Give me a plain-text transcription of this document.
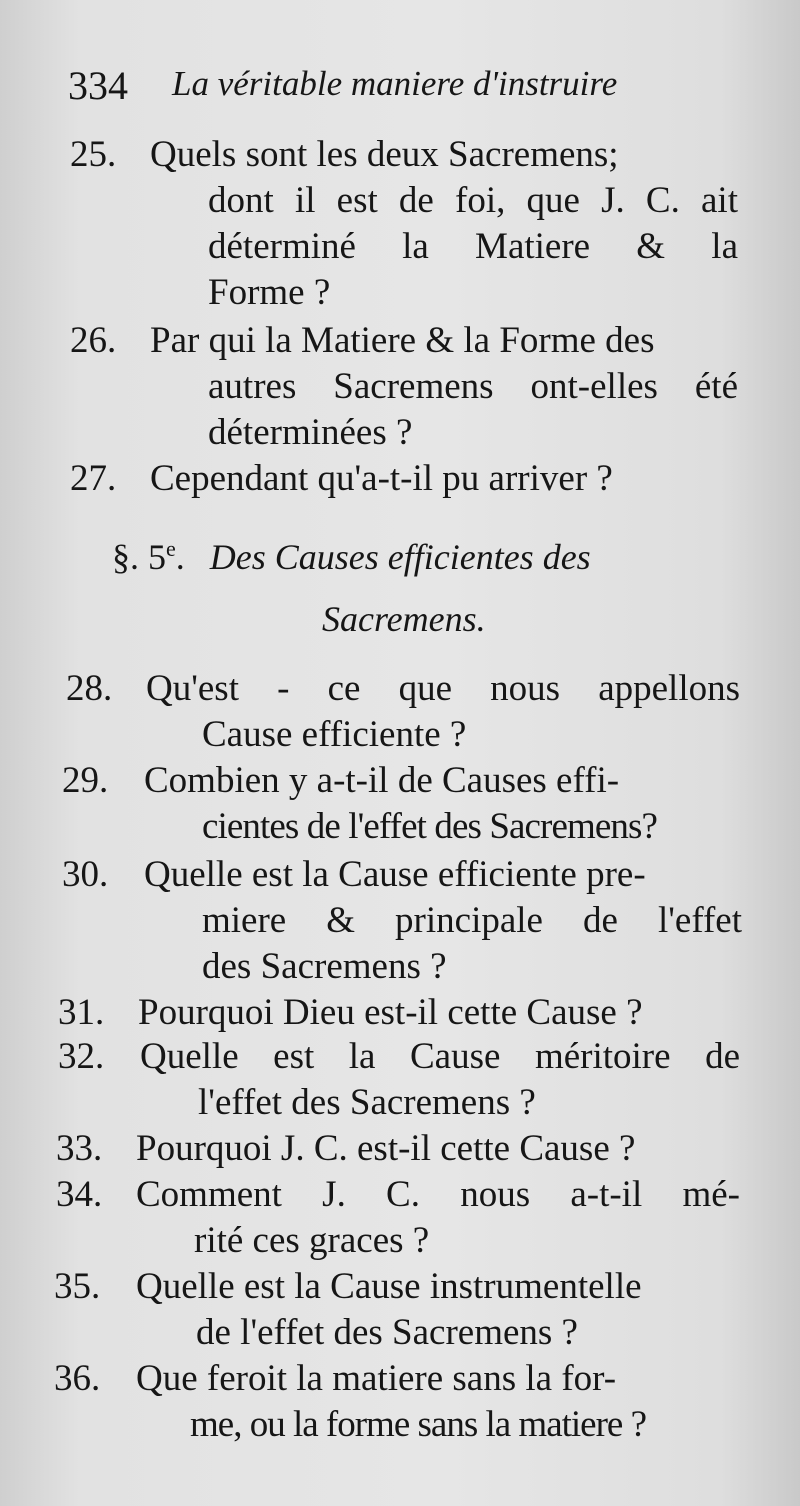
334 La véritable maniere d'instruire
25. Quels sont les deux Sacremens;
dont il est de foi, que J. C. ait
déterminé la Matiere & la
Forme ?
26. Par qui la Matiere & la Forme des
autres Sacremens ont-elles été
déterminées ?
27. Cependant qu'a-t-il pu arriver ?
§. 5e. Des Causes efficientes des
Sacremens.
28. Qu'est - ce que nous appellons
Cause efficiente ?
29. Combien y a-t-il de Causes effi-
cientes de l'effet des Sacremens?
30. Quelle est la Cause efficiente pre-
miere & principale de l'effet
des Sacremens ?
31. Pourquoi Dieu est-il cette Cause ?
32. Quelle est la Cause méritoire de
l'effet des Sacremens ?
33. Pourquoi J. C. est-il cette Cause ?
34. Comment J. C. nous a-t-il mé-
rité ces graces ?
35. Quelle est la Cause instrumentelle
de l'effet des Sacremens ?
36. Que feroit la matiere sans la for-
me, ou la forme sans la matiere ?
